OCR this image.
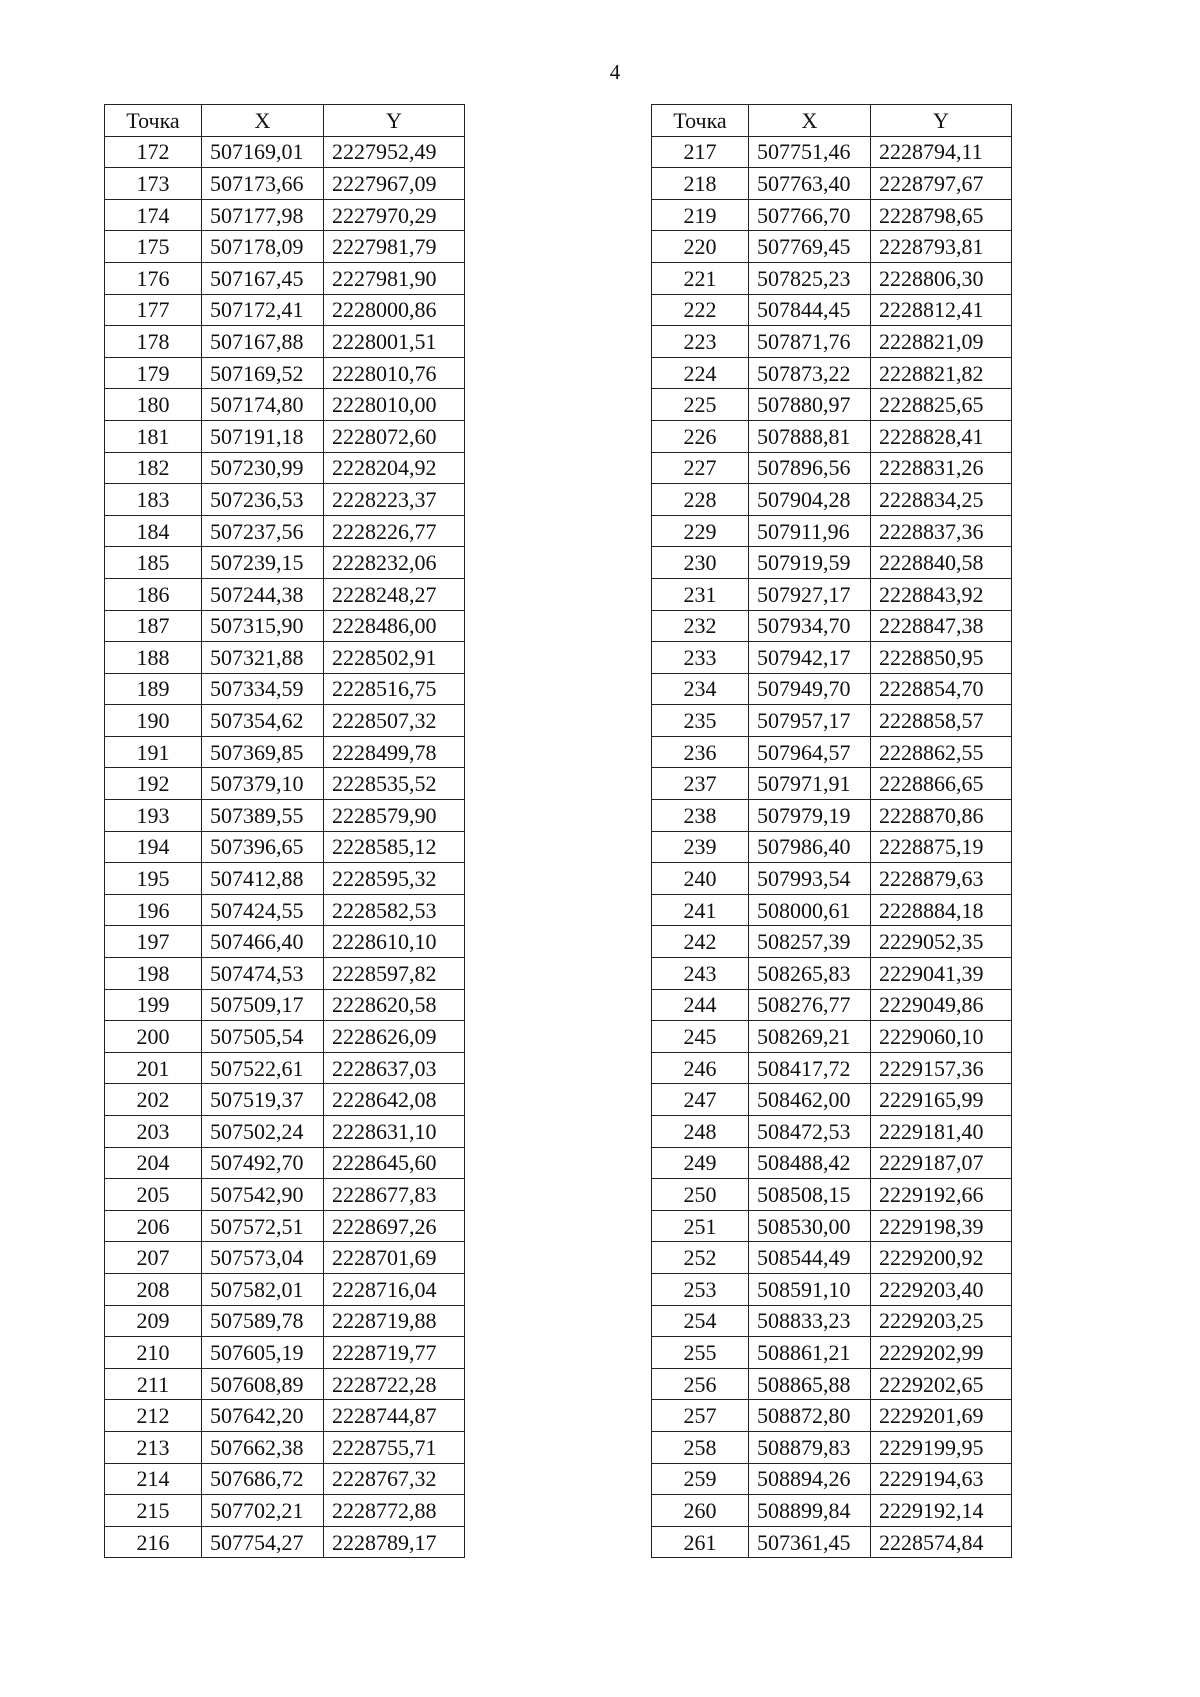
4
Точка	X	Y
172	507169,01	2227952,49
173	507173,66	2227967,09
174	507177,98	2227970,29
175	507178,09	2227981,79
176	507167,45	2227981,90
177	507172,41	2228000,86
178	507167,88	2228001,51
179	507169,52	2228010,76
180	507174,80	2228010,00
181	507191,18	2228072,60
182	507230,99	2228204,92
183	507236,53	2228223,37
184	507237,56	2228226,77
185	507239,15	2228232,06
186	507244,38	2228248,27
187	507315,90	2228486,00
188	507321,88	2228502,91
189	507334,59	2228516,75
190	507354,62	2228507,32
191	507369,85	2228499,78
192	507379,10	2228535,52
193	507389,55	2228579,90
194	507396,65	2228585,12
195	507412,88	2228595,32
196	507424,55	2228582,53
197	507466,40	2228610,10
198	507474,53	2228597,82
199	507509,17	2228620,58
200	507505,54	2228626,09
201	507522,61	2228637,03
202	507519,37	2228642,08
203	507502,24	2228631,10
204	507492,70	2228645,60
205	507542,90	2228677,83
206	507572,51	2228697,26
207	507573,04	2228701,69
208	507582,01	2228716,04
209	507589,78	2228719,88
210	507605,19	2228719,77
211	507608,89	2228722,28
212	507642,20	2228744,87
213	507662,38	2228755,71
214	507686,72	2228767,32
215	507702,21	2228772,88
216	507754,27	2228789,17
Точка	X	Y
217	507751,46	2228794,11
218	507763,40	2228797,67
219	507766,70	2228798,65
220	507769,45	2228793,81
221	507825,23	2228806,30
222	507844,45	2228812,41
223	507871,76	2228821,09
224	507873,22	2228821,82
225	507880,97	2228825,65
226	507888,81	2228828,41
227	507896,56	2228831,26
228	507904,28	2228834,25
229	507911,96	2228837,36
230	507919,59	2228840,58
231	507927,17	2228843,92
232	507934,70	2228847,38
233	507942,17	2228850,95
234	507949,70	2228854,70
235	507957,17	2228858,57
236	507964,57	2228862,55
237	507971,91	2228866,65
238	507979,19	2228870,86
239	507986,40	2228875,19
240	507993,54	2228879,63
241	508000,61	2228884,18
242	508257,39	2229052,35
243	508265,83	2229041,39
244	508276,77	2229049,86
245	508269,21	2229060,10
246	508417,72	2229157,36
247	508462,00	2229165,99
248	508472,53	2229181,40
249	508488,42	2229187,07
250	508508,15	2229192,66
251	508530,00	2229198,39
252	508544,49	2229200,92
253	508591,10	2229203,40
254	508833,23	2229203,25
255	508861,21	2229202,99
256	508865,88	2229202,65
257	508872,80	2229201,69
258	508879,83	2229199,95
259	508894,26	2229194,63
260	508899,84	2229192,14
261	507361,45	2228574,84
